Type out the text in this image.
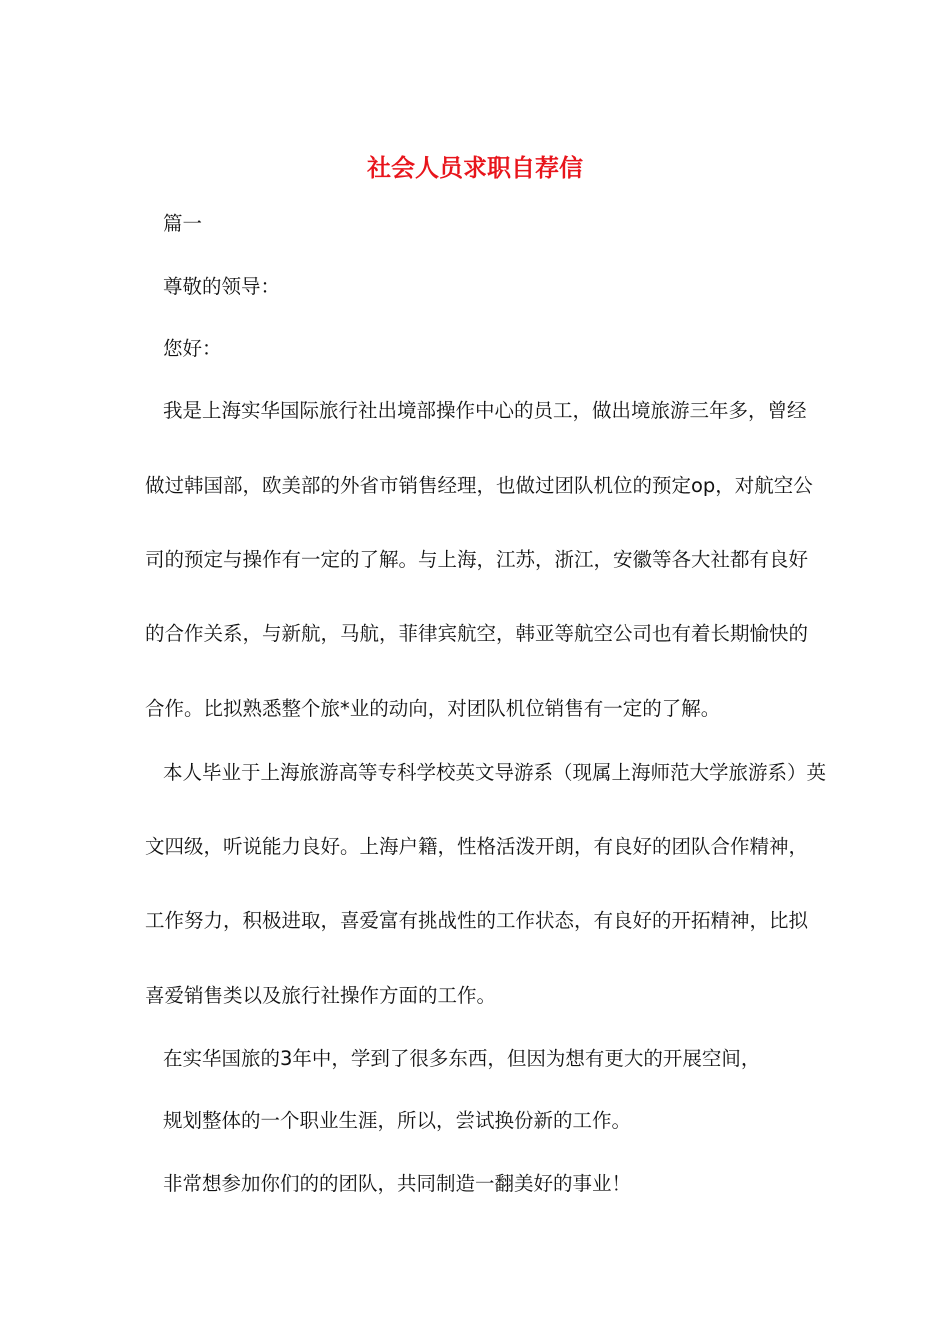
社会人员求职自荐信
篇一
尊敬的领导：
您好：
我是上海实华国际旅行社出境部操作中心的员工，做出境旅游三年多，曾经
做过韩国部，欧美部的外省市销售经理，也做过团队机位的预定op，对航空公
司的预定与操作有一定的了解。与上海，江苏，浙江，安徽等各大社都有良好
的合作关系，与新航，马航，菲律宾航空，韩亚等航空公司也有着长期愉快的
合作。比拟熟悉整个旅*业的动向，对团队机位销售有一定的了解。
本人毕业于上海旅游高等专科学校英文导游系（现属上海师范大学旅游系）英
文四级，听说能力良好。上海户籍，性格活泼开朗，有良好的团队合作精神，
工作努力，积极进取，喜爱富有挑战性的工作状态，有良好的开拓精神，比拟
喜爱销售类以及旅行社操作方面的工作。
在实华国旅的3年中，学到了很多东西，但因为想有更大的开展空间，
规划整体的一个职业生涯，所以，尝试换份新的工作。
非常想参加你们的的团队，共同制造一翻美好的事业！
